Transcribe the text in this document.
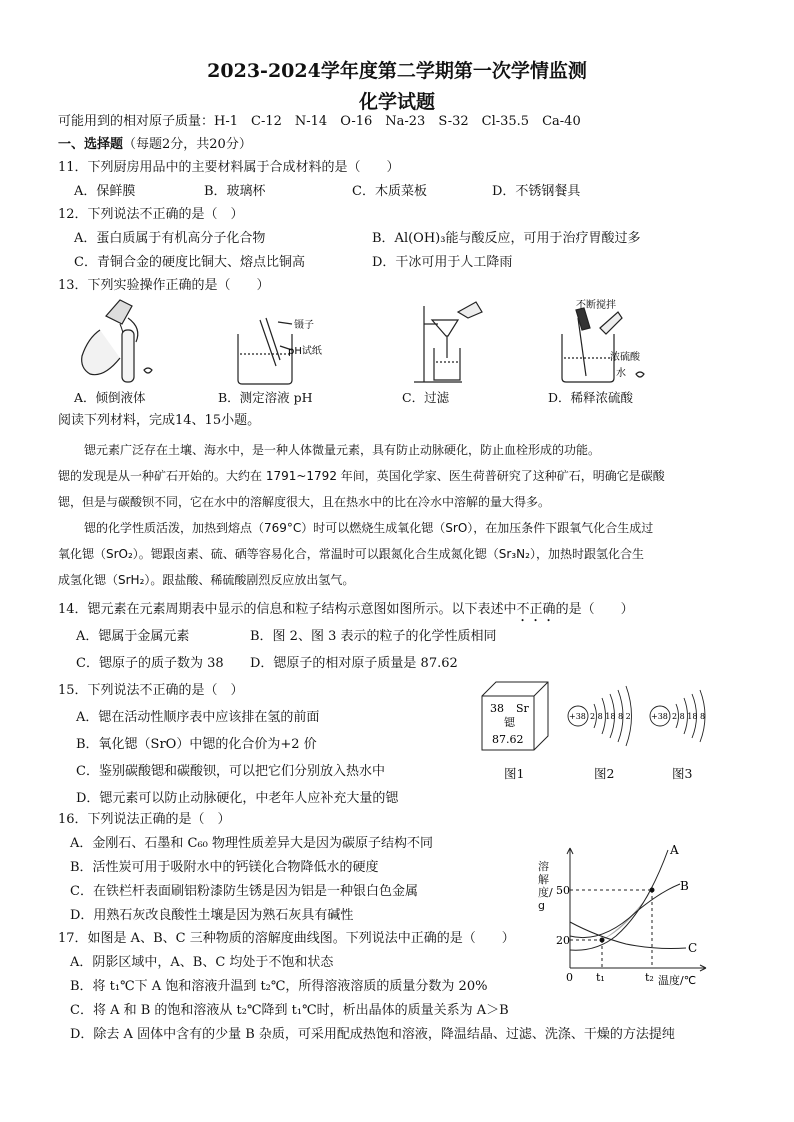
2023-2024学年度第二学期第一次学情监测
化学试题
可能用到的相对原子质量：H-1　C-12　N-14　O-16　Na-23　S-32　Cl-35.5　Ca-40
一、选择题（每题2分，共20分）
11．下列厨房用品中的主要材料属于合成材料的是（　　）
A．保鲜膜	B．玻璃杯	C．木质菜板	D．不锈钢餐具
12．下列说法不正确的是（　）
A．蛋白质属于有机高分子化合物	B．Al(OH)₃能与酸反应，可用于治疗胃酸过多
C．青铜合金的硬度比铜大、熔点比铜高	D．干冰可用于人工降雨
13．下列实验操作正确的是（　　）
A．倾倒液体
镊子
pH试纸
B．测定溶液 pH	C．过滤
不断搅拌
浓硫酸
水
D．稀释浓硫酸
阅读下列材料，完成14、15小题。

锶元素广泛存在土壤、海水中，是一种人体微量元素，具有防止动脉硬化，防止血栓形成的功能。

锶的发现是从一种矿石开始的。大约在 1791~1792 年间，英国化学家、医生荷普研究了这种矿石，明确它是碳酸

锶，但是与碳酸钡不同，它在水中的溶解度很大，且在热水中的比在冷水中溶解的量大得多。

锶的化学性质活泼，加热到熔点（769°C）时可以燃烧生成氧化锶（SrO），在加压条件下跟氧气化合生成过

氧化锶（SrO₂）。锶跟卤素、硫、硒等容易化合，常温时可以跟氮化合生成氮化锶（Sr₃N₂），加热时跟氢化合生

成氢化锶（SrH₂）。跟盐酸、稀硫酸剧烈反应放出氢气。

14．锶元素在元素周期表中显示的信息和粒子结构示意图如图所示。以下表述中不正确的是（　　）
A．锶属于金属元素	B．图 2、图 3 表示的粒子的化学性质相同
C．锶原子的质子数为 38 D．锶原子的相对原子质量是 87.62
15．下列说法不正确的是（　）
A．锶在活动性顺序表中应该排在氢的前面
B．氧化锶（SrO）中锶的化合价为+2 价
C．鉴别碳酸锶和碳酸钡，可以把它们分别放入热水中
D．锶元素可以防止动脉硬化，中老年人应补充大量的锶
38 Sr
锶
87.62
图1
+38 2 8 18 8 2
图2
+38 2 8 18 8
图3
16．下列说法正确的是（　）
A．金刚石、石墨和 C₆₀ 物理性质差异大是因为碳原子结构不同
B．活性炭可用于吸附水中的钙镁化合物降低水的硬度
C．在铁栏杆表面刷铝粉漆防生锈是因为铝是一种银白色金属
D．用熟石灰改良酸性土壤是因为熟石灰具有碱性
17．如图是 A、B、C 三种物质的溶解度曲线图。下列说法中正确的是（　　）
A．阴影区域中，A、B、C 均处于不饱和状态
B．将 t₁℃下 A 饱和溶液升温到 t₂℃，所得溶液溶质的质量分数为 20%
C．将 A 和 B 的饱和溶液从 t₂℃降到 t₁℃时，析出晶体的质量关系为 A＞B
D．除去 A 固体中含有的少量 B 杂质，可采用配成热饱和溶液，降温结晶、过滤、洗涤、干燥的方法提纯
A
B
C
50
20
0 t₁	t₂ 温度/℃
溶解度/g
